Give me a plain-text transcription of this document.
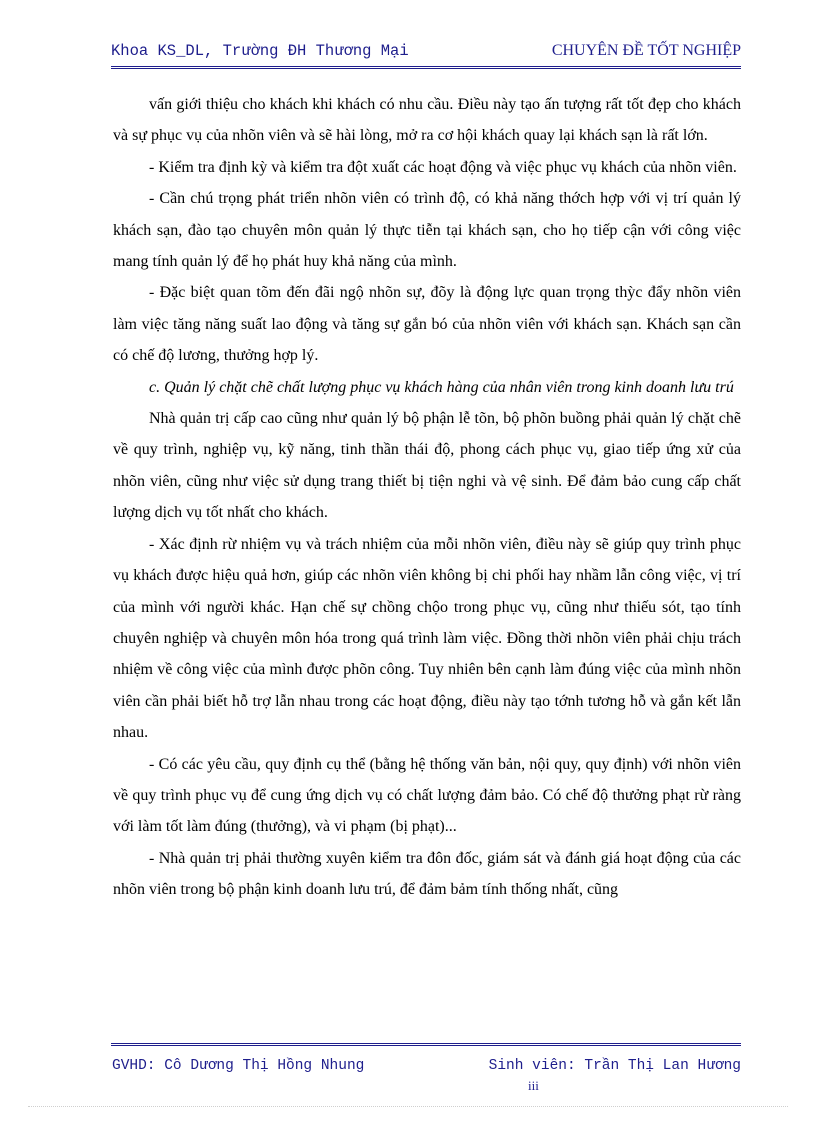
Khoa KS_DL, Trường ĐH Thương Mại	CHUYÊN ĐỀ TỐT NGHIỆP

vấn giới thiệu cho khách khi khách có nhu cầu. Điều này tạo ấn tượng rất tốt đẹp cho khách và sự phục vụ của nhõn viên và sẽ hài lòng, mở ra cơ hội khách quay lại khách sạn là rất lớn.

- Kiểm tra định kỳ và kiểm tra đột xuất các hoạt động và việc phục vụ khách của nhõn viên.

- Cần chú trọng phát triển nhõn viên có trình độ, có khả năng thớch hợp với vị trí quản lý khách sạn, đào tạo chuyên môn quản lý thực tiễn tại khách sạn, cho họ tiếp cận với công việc mang tính quản lý để họ phát huy khả năng của mình.

- Đặc biệt quan tõm đến đãi ngộ nhõn sự, đõy là động lực quan trọng thỳc đẩy nhõn viên làm việc tăng năng suất lao động và tăng sự gắn bó của nhõn viên với khách sạn. Khách sạn cần có chế độ lương, thưởng hợp lý.

c. Quản lý chặt chẽ chất lượng phục vụ khách hàng của nhân viên trong kinh doanh lưu trú

Nhà quản trị cấp cao cũng như quản lý bộ phận lễ tõn, bộ phõn buồng phải quản lý chặt chẽ về quy trình, nghiệp vụ, kỹ năng, tinh thần thái độ, phong cách phục vụ, giao tiếp ứng xử của nhõn viên, cũng như việc sử dụng trang thiết bị tiện nghi và vệ sinh. Để đảm bảo cung cấp chất lượng dịch vụ tốt nhất cho khách.

- Xác định rừ nhiệm vụ và trách nhiệm của mỗi nhõn viên, điều này sẽ giúp quy trình phục vụ khách được hiệu quả hơn, giúp các nhõn viên không bị chi phối hay nhầm lẫn công việc, vị trí của mình với người khác. Hạn chế sự chồng chộo trong phục vụ, cũng như thiếu sót, tạo tính chuyên nghiệp và chuyên môn hóa trong quá trình làm việc. Đồng thời nhõn viên phải chịu trách nhiệm về công việc của mình được phõn công. Tuy nhiên bên cạnh làm đúng việc của mình nhõn viên cần phải biết hỗ trợ lẫn nhau trong các hoạt động, điều này tạo tớnh tương hỗ và gắn kết lẫn nhau.

- Có các yêu cầu, quy định cụ thể (bằng hệ thống văn bản, nội quy, quy định) với nhõn viên về quy trình phục vụ để cung ứng dịch vụ có chất lượng đảm bảo. Có chế độ thưởng phạt rừ ràng với làm tốt làm đúng (thưởng), và vi phạm (bị phạt)...

- Nhà quản trị phải thường xuyên kiểm tra đôn đốc, giám sát và đánh giá hoạt động của các nhõn viên trong bộ phận kinh doanh lưu trú, để đảm bảm tính thống nhất, cũng

GVHD: Cô Dương Thị Hồng Nhung	Sinh viên: Trần Thị Lan Hương
iii
